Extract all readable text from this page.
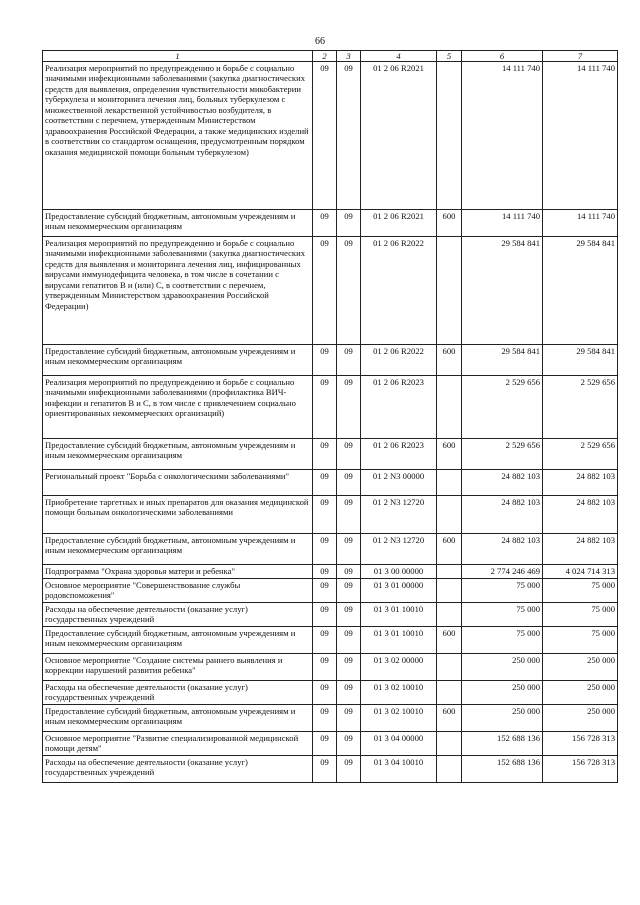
66
1	2	3	4	5	6	7
Реализация мероприятий по предупреждению и борьбе с социально значимыми инфекционными заболеваниями (закупка диагностических средств для выявления, определения чувствительности микобактерии туберкулеза и мониторинга лечения лиц, больных туберкулезом с множественной лекарственной устойчивостью возбудителя, в соответствии с перечнем, утвержденным Министерством здравоохранения Российской Федерации, а также медицинских изделий в соответствии со стандартом оснащения, предусмотренным порядком оказания медицинской помощи больным туберкулезом)	09	09	01 2 06 R2021		14 111 740	14 111 740
Предоставление субсидий бюджетным, автономным учреждениям и иным некоммерческим организациям	09	09	01 2 06 R2021	600	14 111 740	14 111 740
Реализация мероприятий по предупреждению и борьбе с социально значимыми инфекционными заболеваниями (закупка диагностических средств для выявления и мониторинга лечения лиц, инфицированных вирусами иммунодефицита человека, в том числе в сочетании с вирусами гепатитов В и (или) С, в соответствии с перечнем, утвержденным Министерством здравоохранения Российской Федерации)	09	09	01 2 06 R2022		29 584 841	29 584 841
Предоставление субсидий бюджетным, автономным учреждениям и иным некоммерческим организациям	09	09	01 2 06 R2022	600	29 584 841	29 584 841
Реализация мероприятий по предупреждению и борьбе с социально значимыми инфекционными заболеваниями (профилактика ВИЧ-инфекции и гепатитов В и С, в том числе с привлечением социально ориентированных некоммерческих организаций)	09	09	01 2 06 R2023		2 529 656	2 529 656
Предоставление субсидий бюджетным, автономным учреждениям и иным некоммерческим организациям	09	09	01 2 06 R2023	600	2 529 656	2 529 656
Региональный проект "Борьба с онкологическими заболеваниями"	09	09	01 2 N3 00000		24 882 103	24 882 103
Приобретение таргетных и иных препаратов для оказания медицинской помощи больным онкологическими заболеваниями	09	09	01 2 N3 12720		24 882 103	24 882 103
Предоставление субсидий бюджетным, автономным учреждениям и иным некоммерческим организациям	09	09	01 2 N3 12720	600	24 882 103	24 882 103
Подпрограмма "Охрана здоровья матери и ребенка"	09	09	01 3 00 00000		2 774 246 469	4 024 714 313
Основное мероприятие "Совершенствование службы родовспоможения"	09	09	01 3 01 00000		75 000	75 000
Расходы на обеспечение деятельности (оказание услуг) государственных учреждений	09	09	01 3 01 10010		75 000	75 000
Предоставление субсидий бюджетным, автономным учреждениям и иным некоммерческим организациям	09	09	01 3 01 10010	600	75 000	75 000
Основное мероприятие "Создание системы раннего выявления и коррекции нарушений развития ребенка"	09	09	01 3 02 00000		250 000	250 000
Расходы на обеспечение деятельности (оказание услуг) государственных учреждений	09	09	01 3 02 10010		250 000	250 000
Предоставление субсидий бюджетным, автономным учреждениям и иным некоммерческим организациям	09	09	01 3 02 10010	600	250 000	250 000
Основное мероприятие "Развитие специализированной медицинской помощи детям"	09	09	01 3 04 00000		152 688 136	156 728 313
Расходы на обеспечение деятельности (оказание услуг) государственных учреждений	09	09	01 3 04 10010		152 688 136	156 728 313
